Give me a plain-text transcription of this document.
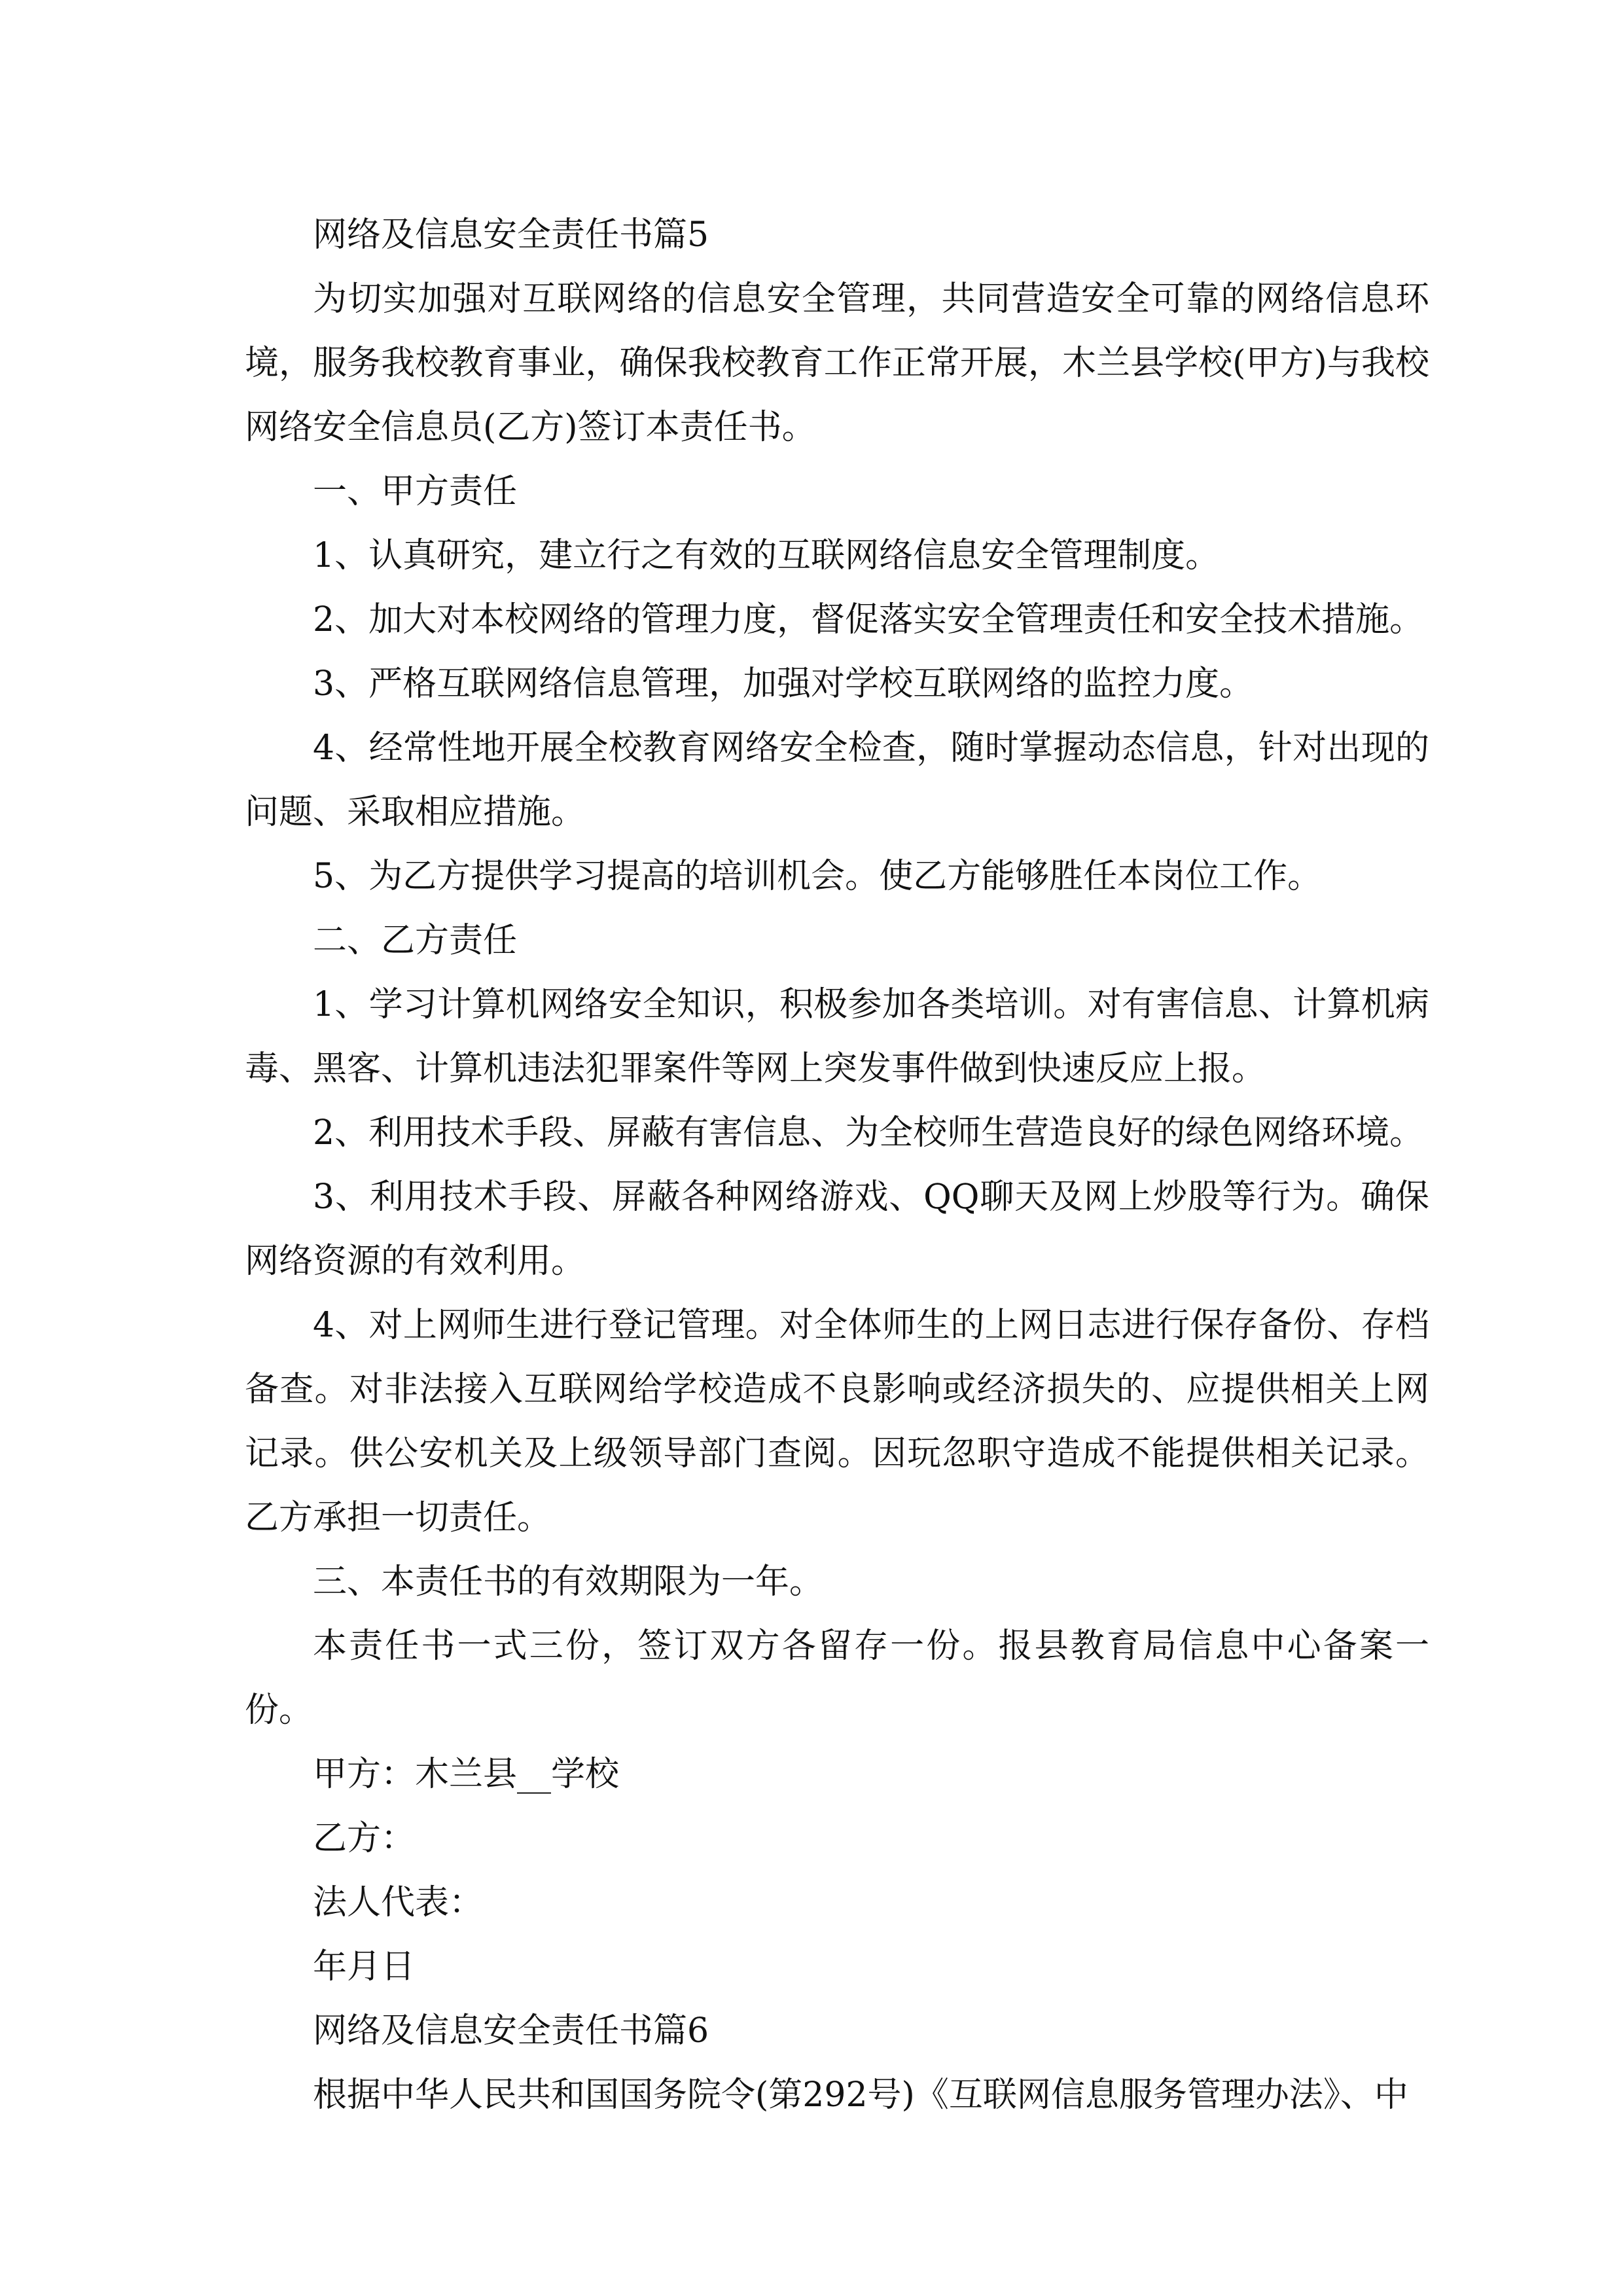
网络及信息安全责任书篇5

为切实加强对互联网络的信息安全管理，共同营造安全可靠的网络信息环境，服务我校教育事业，确保我校教育工作正常开展，木兰县学校(甲方)与我校网络安全信息员(乙方)签订本责任书。

一、甲方责任

1、认真研究，建立行之有效的互联网络信息安全管理制度。

2、加大对本校网络的管理力度，督促落实安全管理责任和安全技术措施。

3、严格互联网络信息管理，加强对学校互联网络的监控力度。

4、经常性地开展全校教育网络安全检查，随时掌握动态信息，针对出现的问题、采取相应措施。

5、为乙方提供学习提高的培训机会。使乙方能够胜任本岗位工作。

二、乙方责任

1、学习计算机网络安全知识，积极参加各类培训。对有害信息、计算机病毒、黑客、计算机违法犯罪案件等网上突发事件做到快速反应上报。

2、利用技术手段、屏蔽有害信息、为全校师生营造良好的绿色网络环境。

3、利用技术手段、屏蔽各种网络游戏、QQ聊天及网上炒股等行为。确保网络资源的有效利用。

4、对上网师生进行登记管理。对全体师生的上网日志进行保存备份、存档备查。对非法接入互联网给学校造成不良影响或经济损失的、应提供相关上网记录。供公安机关及上级领导部门查阅。因玩忽职守造成不能提供相关记录。乙方承担一切责任。

三、本责任书的有效期限为一年。

本责任书一式三份，签订双方各留存一份。报县教育局信息中心备案一份。

甲方：木兰县__学校

乙方：

法人代表：

年月日

网络及信息安全责任书篇6

根据中华人民共和国国务院令(第292号)《互联网信息服务管理办法》、中
